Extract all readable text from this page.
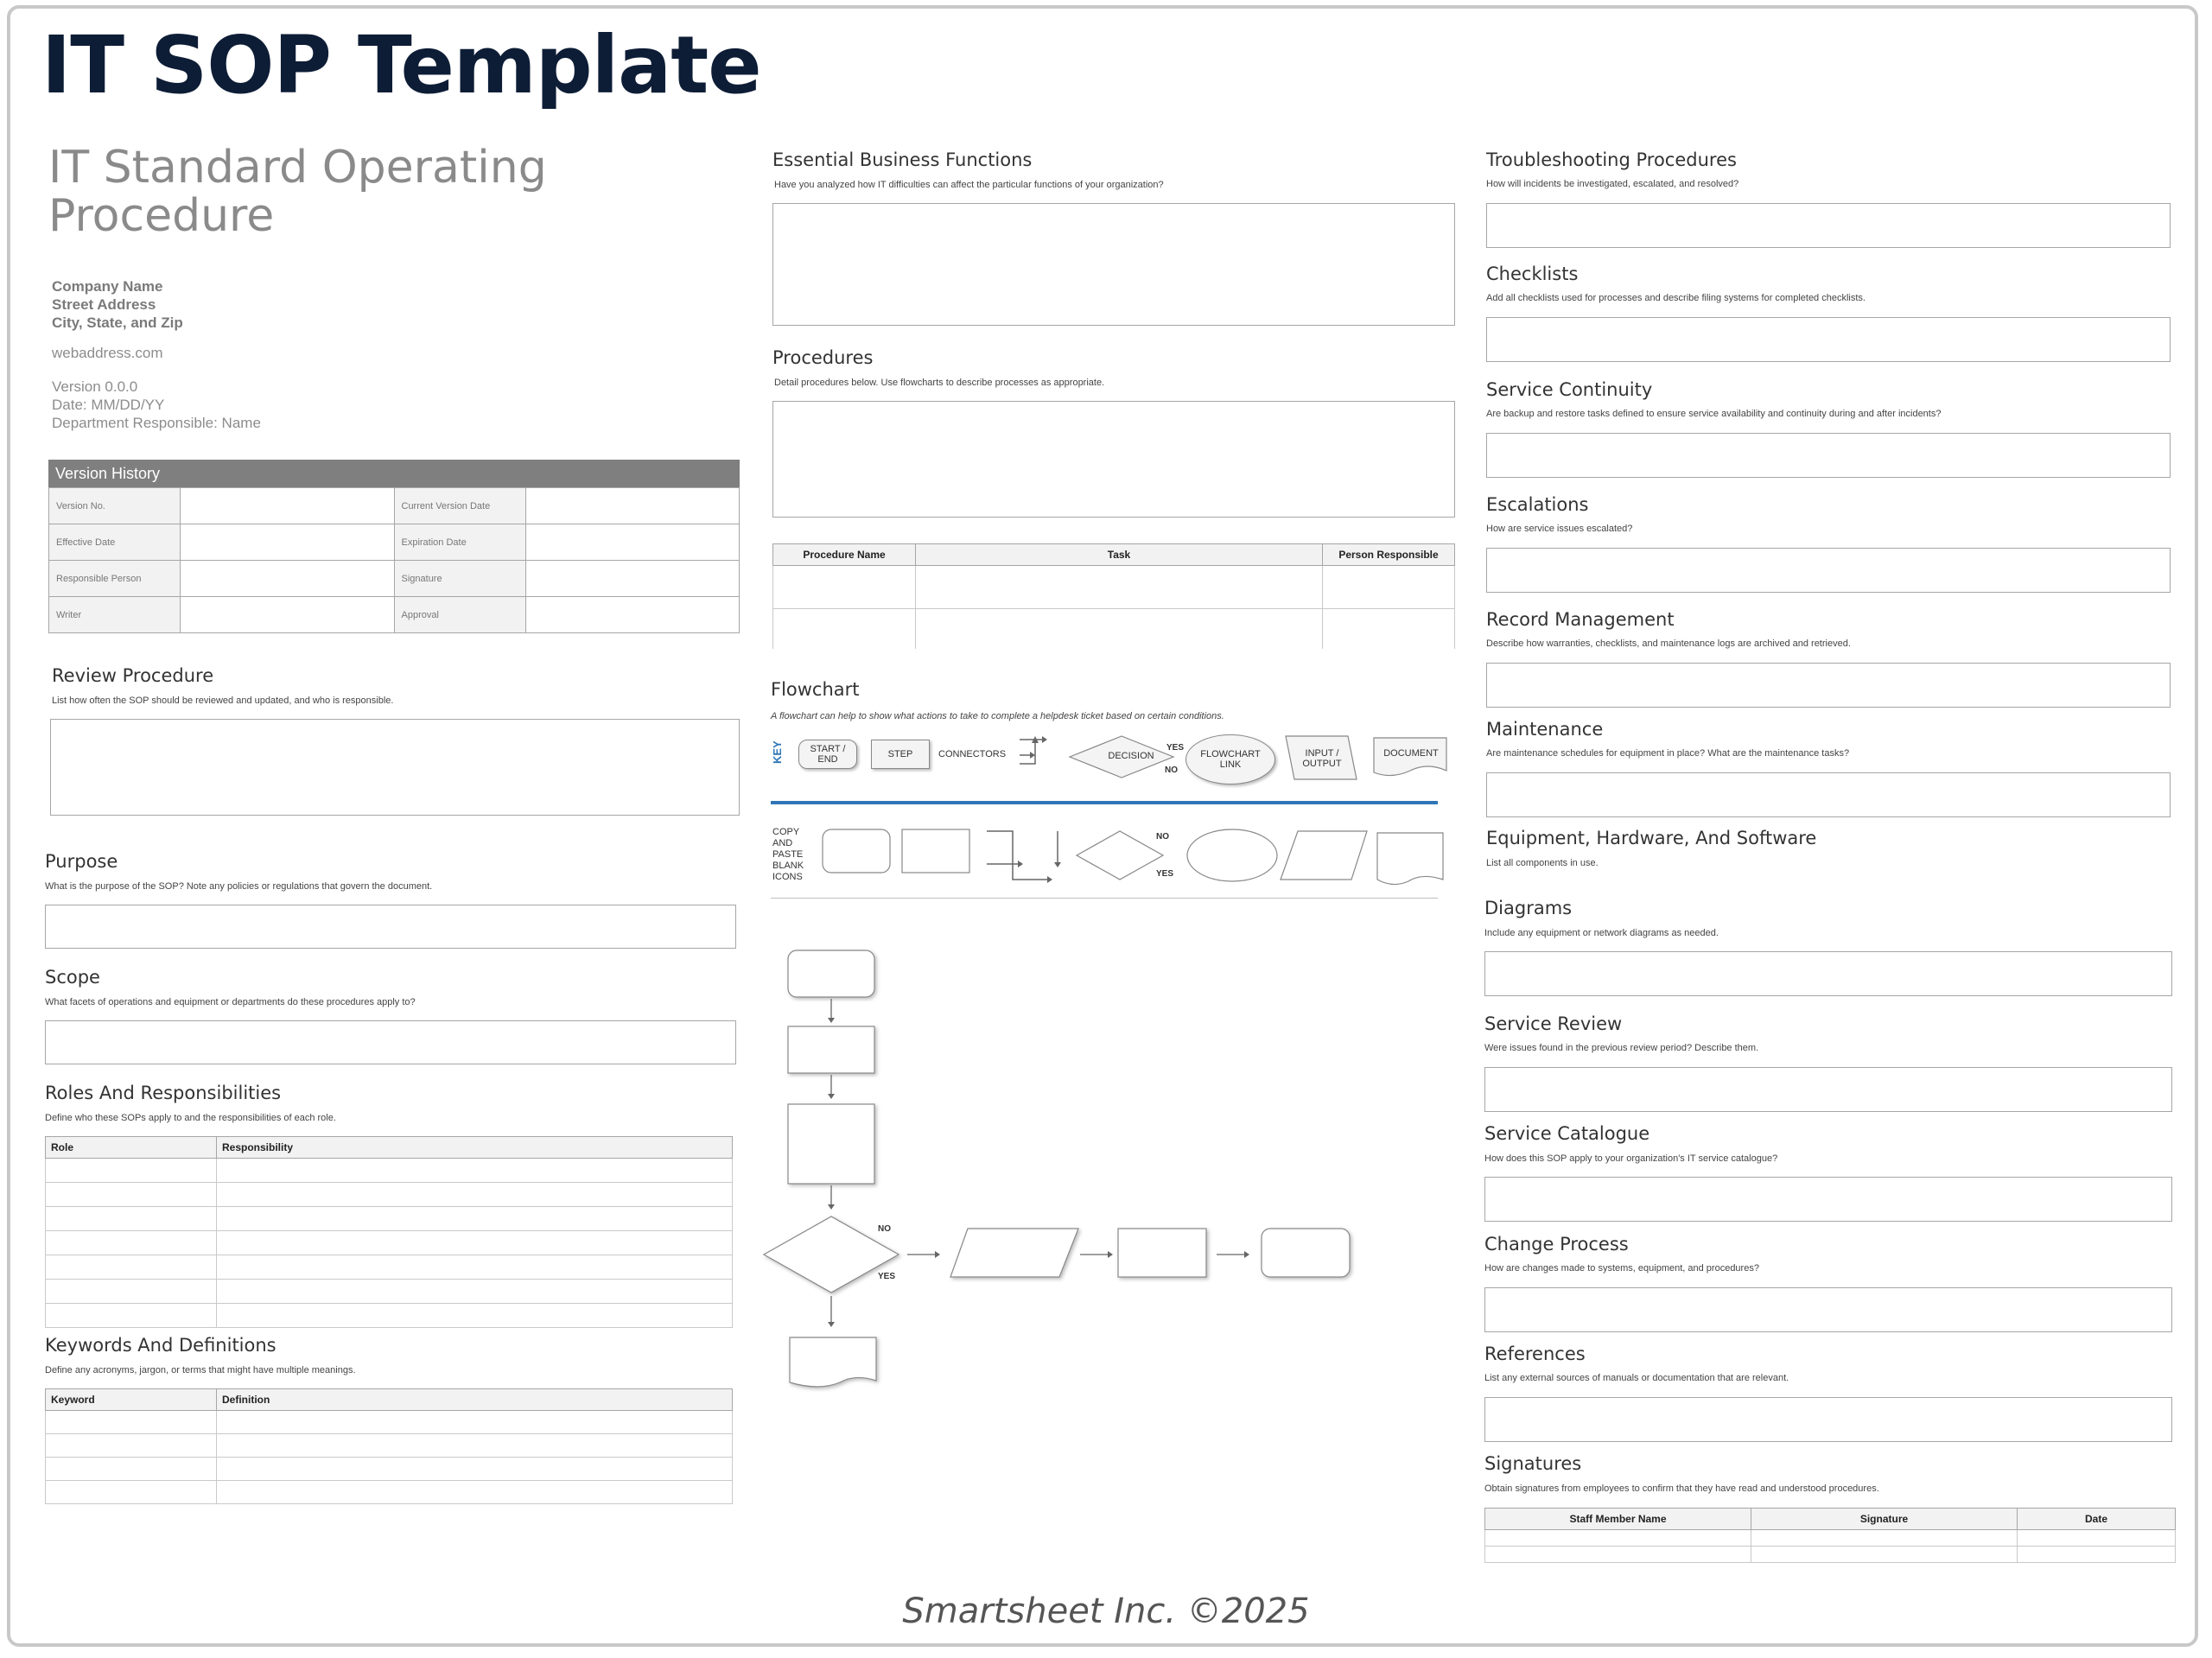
IT SOP Template
IT Standard Operating Procedure
Company Name
Street Address
City, State, and Zip
webaddress.com
Version 0.0.0
Date: MM/DD/YY
Department Responsible: Name
Version History
Version No.		Current Version Date	
Effective Date		Expiration Date	
Responsible Person		Signature	
Writer		Approval	
Review Procedure
List how often the SOP should be reviewed and updated, and who is responsible.
Purpose
What is the purpose of the SOP? Note any policies or regulations that govern the document.
Scope
What facets of operations and equipment or departments do these procedures apply to?
Roles And Responsibilities
Define who these SOPs apply to and the responsibilities of each role.
Role	Responsibility

Keywords And Definitions
Define any acronyms, jargon, or terms that might have multiple meanings.
Keyword	Definition

Essential Business Functions
Have you analyzed how IT difficulties can affect the particular functions of your organization?
Procedures
Detail procedures below. Use flowcharts to describe processes as appropriate.
Procedure Name	Task	Person Responsible

Flowchart
A flowchart can help to show what actions to take to complete a helpdesk ticket based on certain conditions.
KEY	START / END	STEP	CONNECTORS	DECISION
YES
NO
FLOWCHART LINK
INPUT / OUTPUT
DOCUMENT
COPY AND PASTE BLANK ICONS
NO
YES
NO
YES
Troubleshooting Procedures
How will incidents be investigated, escalated, and resolved?
Checklists
Add all checklists used for processes and describe filing systems for completed checklists.
Service Continuity
Are backup and restore tasks defined to ensure service availability and continuity during and after incidents?
Escalations
How are service issues escalated?
Record Management
Describe how warranties, checklists, and maintenance logs are archived and retrieved.
Maintenance
Are maintenance schedules for equipment in place? What are the maintenance tasks?
Equipment, Hardware, And Software
List all components in use.
Diagrams
Include any equipment or network diagrams as needed.
Service Review
Were issues found in the previous review period? Describe them.
Service Catalogue
How does this SOP apply to your organization's IT service catalogue?
Change Process
How are changes made to systems, equipment, and procedures?
References
List any external sources of manuals or documentation that are relevant.
Signatures
Obtain signatures from employees to confirm that they have read and understood procedures.
Staff Member Name	Signature	Date

Smartsheet Inc. ©2025
